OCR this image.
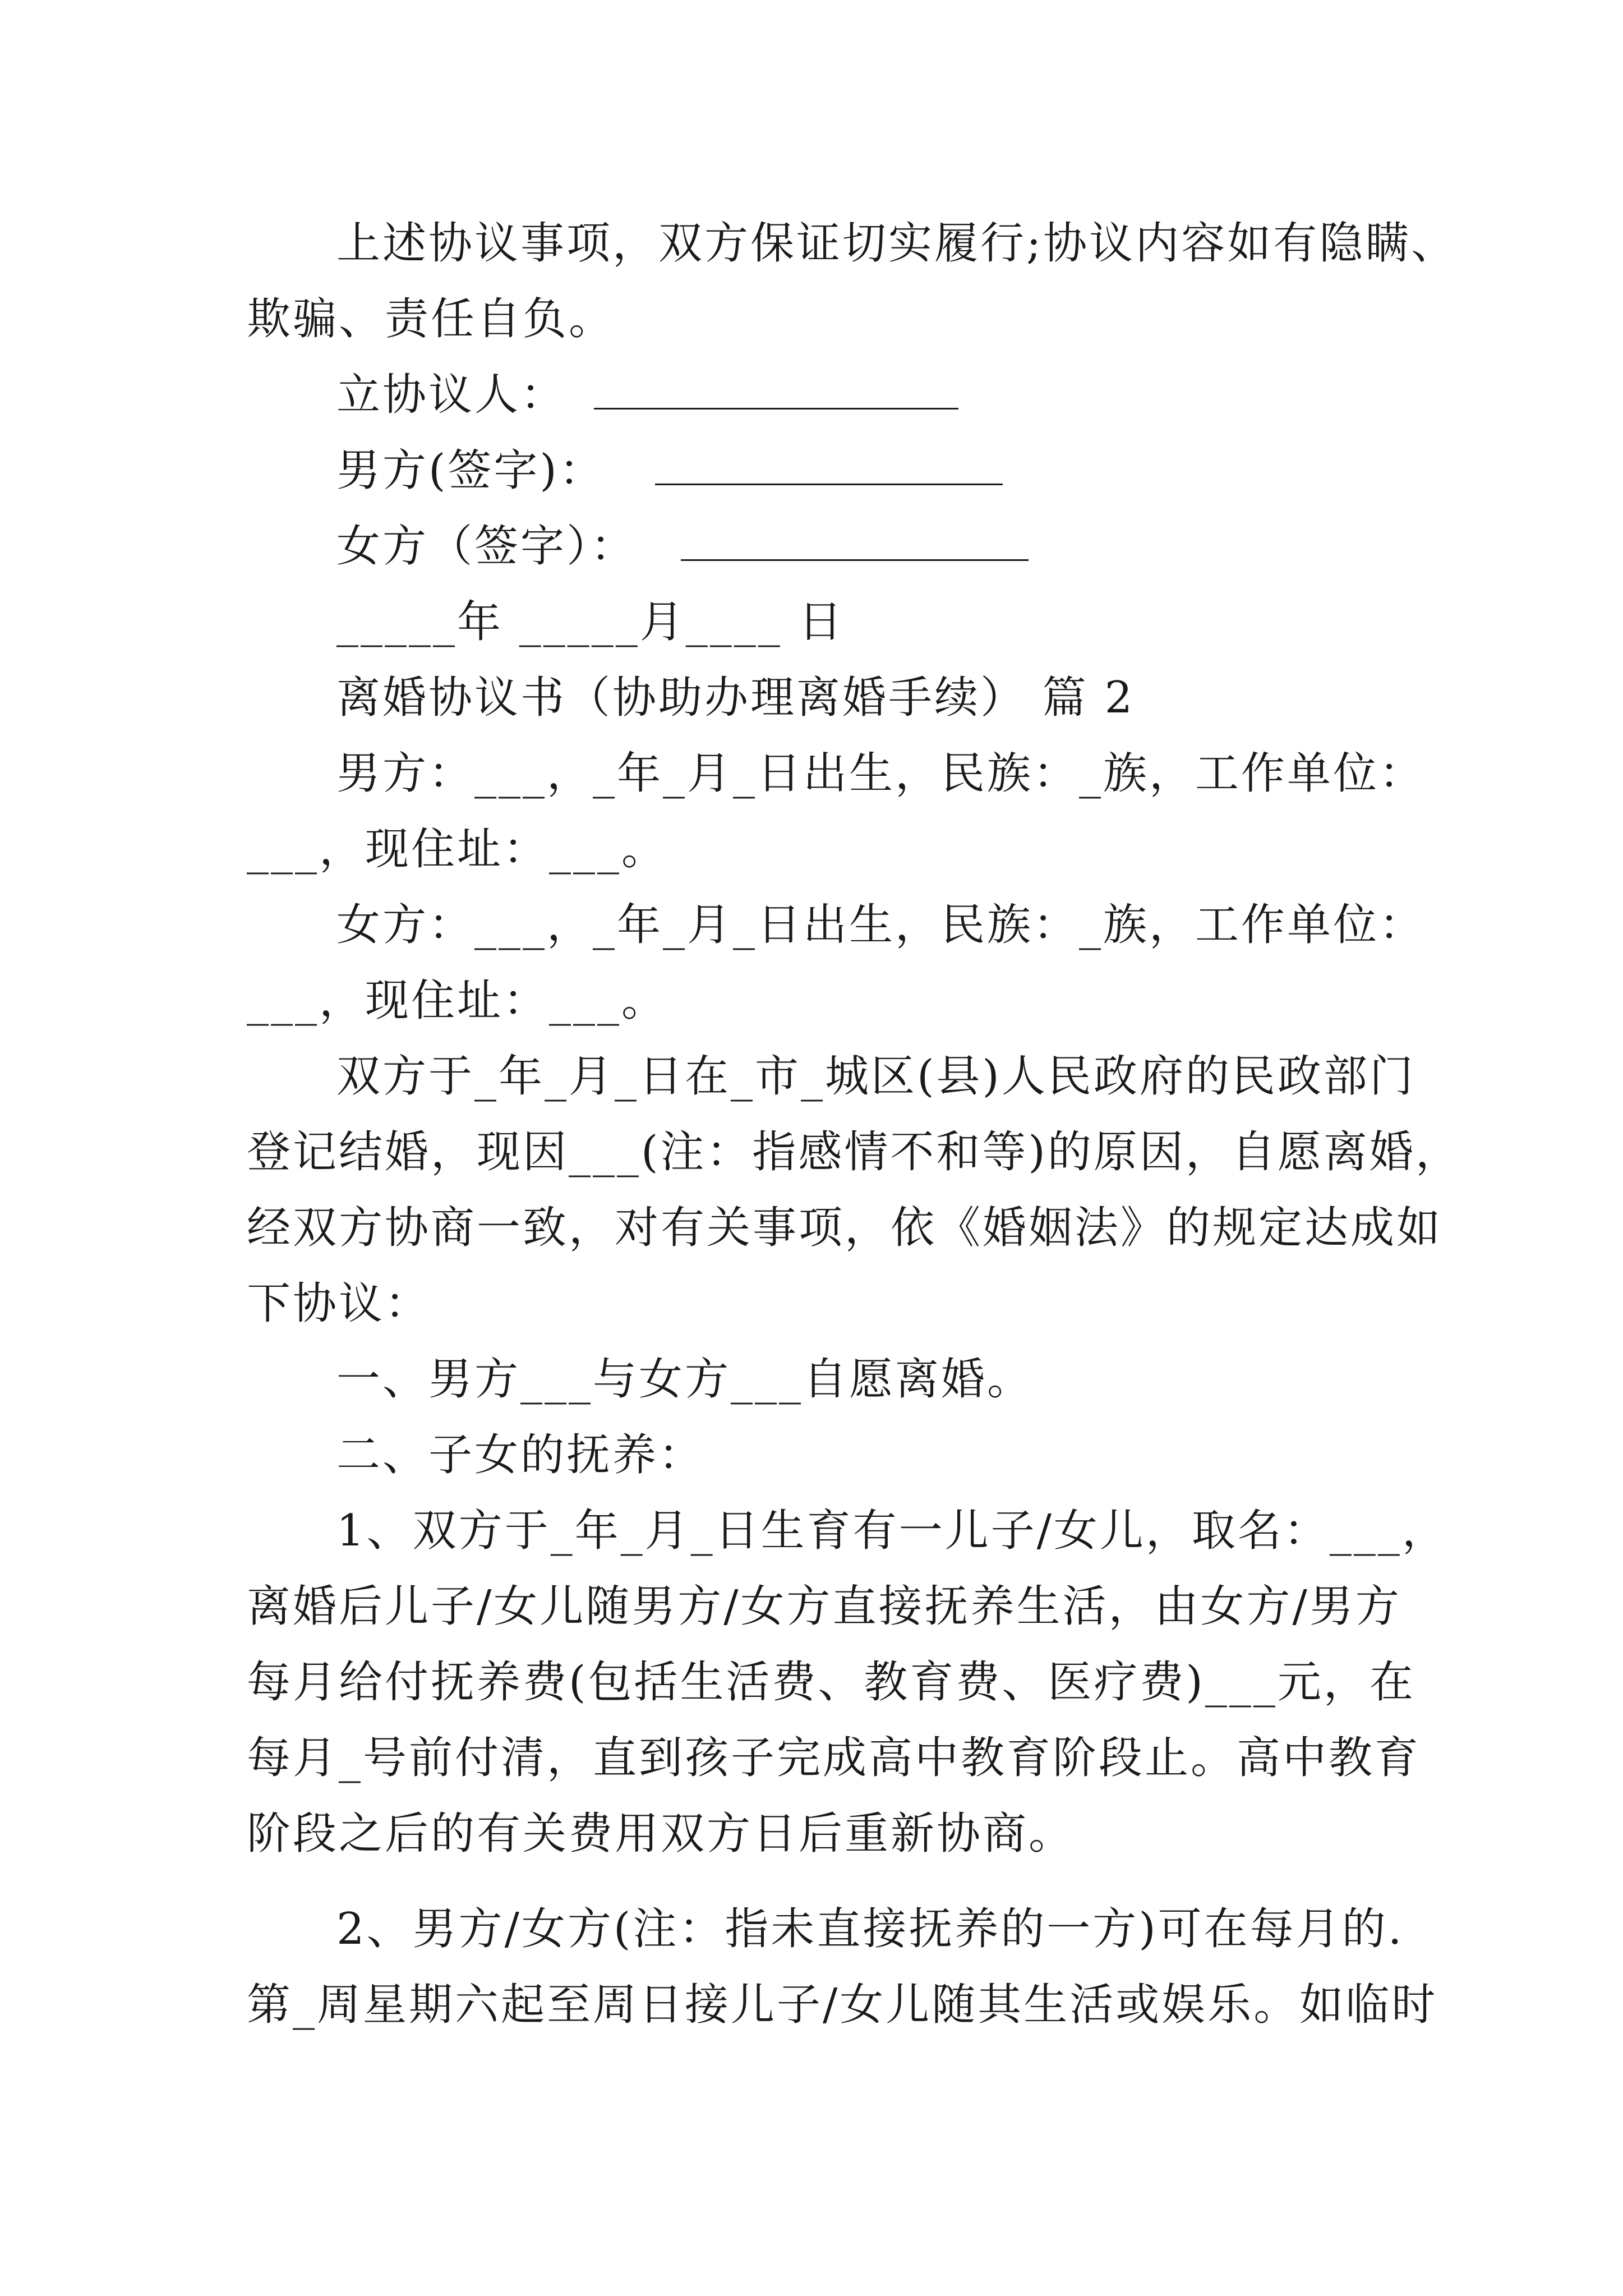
上述协议事项，双方保证切实履行;协议内容如有隐瞒、
欺骗、责任自负。
立协议人：
男方(签字)：
女方（签字）：
_____年 _____月____ 日
离婚协议书（协助办理离婚手续） 篇 2
男方：___，_年_月_日出生，民族：_族，工作单位：
___，现住址：___。
女方：___，_年_月_日出生，民族：_族，工作单位：
___，现住址：___。
双方于_年_月_日在_市_城区(县)人民政府的民政部门
登记结婚，现因___(注：指感情不和等)的原因，自愿离婚，
经双方协商一致，对有关事项，依《婚姻法》的规定达成如
下协议：
一、男方___与女方___自愿离婚。
二、子女的抚养：
1、双方于_年_月_日生育有一儿子/女儿，取名：___，
离婚后儿子/女儿随男方/女方直接抚养生活，由女方/男方
每月给付抚养费(包括生活费、教育费、医疗费)___元，在
每月_号前付清，直到孩子完成高中教育阶段止。高中教育
阶段之后的有关费用双方日后重新协商。
2、男方/女方(注：指未直接抚养的一方)可在每月的.
第_周星期六起至周日接儿子/女儿随其生活或娱乐。如临时
